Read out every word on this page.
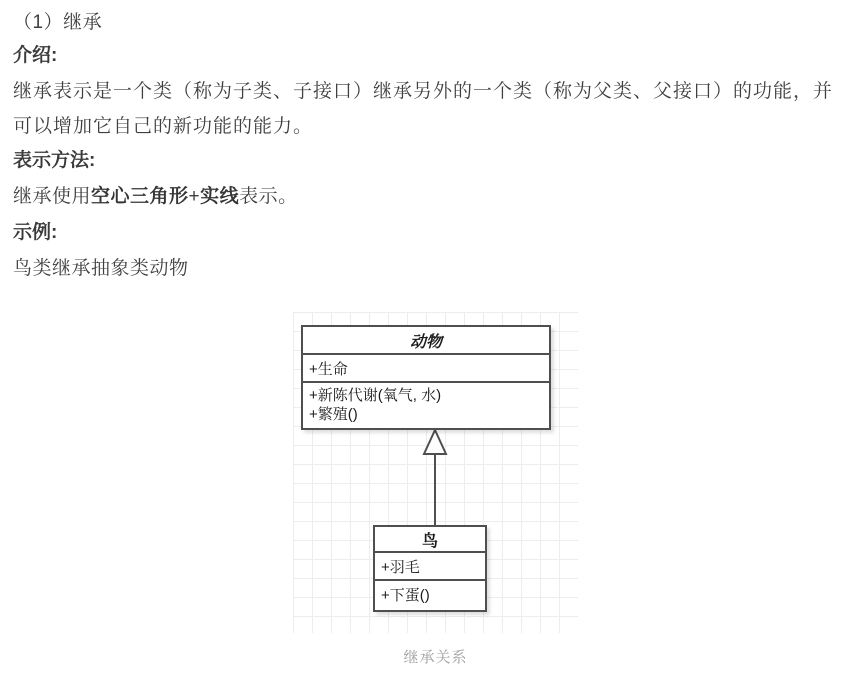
（1）继承
介绍:
继承表示是一个类（称为子类、子接口）继承另外的一个类（称为父类、父接口）的功能，并可以增加它自己的新功能的能力。
表示方法:
继承使用空心三角形+实线表示。
示例:
鸟类继承抽象类动物
动物
+生命
+新陈代谢(氧气, 水)
+繁殖()
鸟
+羽毛
+下蛋()
继承关系
